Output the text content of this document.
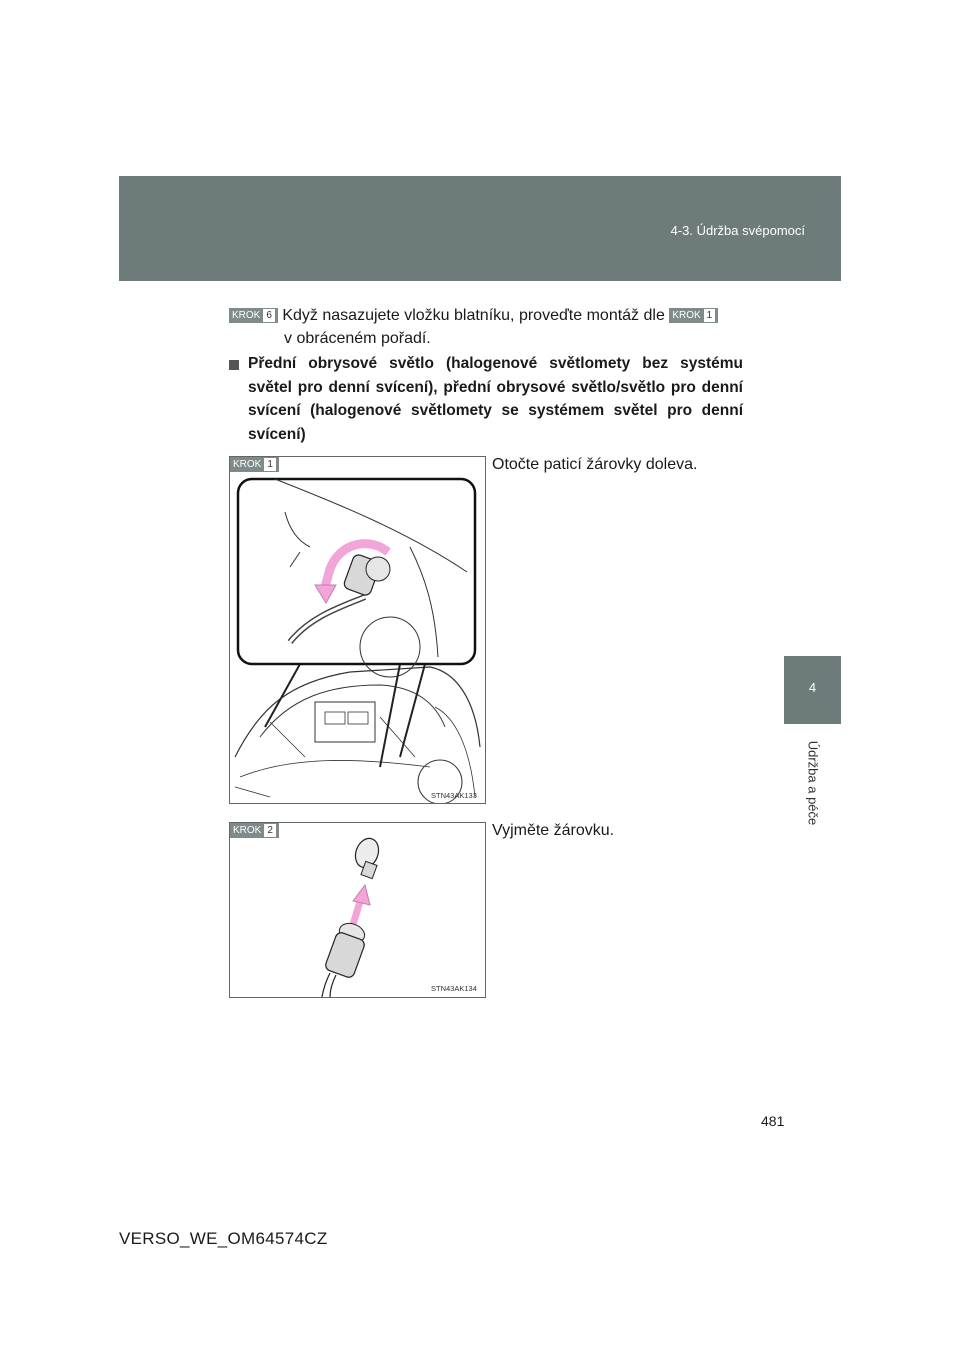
4-3. Údržba svépomocí
4
Údržba a péče
KROK 6 Když nasazujete vložku blatníku, proveďte montáž dle KROK 1
v obráceném pořadí.
Přední obrysové světlo (halogenové světlomety bez systému světel pro denní svícení), přední obrysové světlo/světlo pro denní svícení (halogenové světlomety se systémem světel pro denní svícení)
KROK 1
STN43AK133
Otočte paticí žárovky doleva.
KROK 2
STN43AK134
Vyjměte žárovku.
481
VERSO_WE_OM64574CZ
